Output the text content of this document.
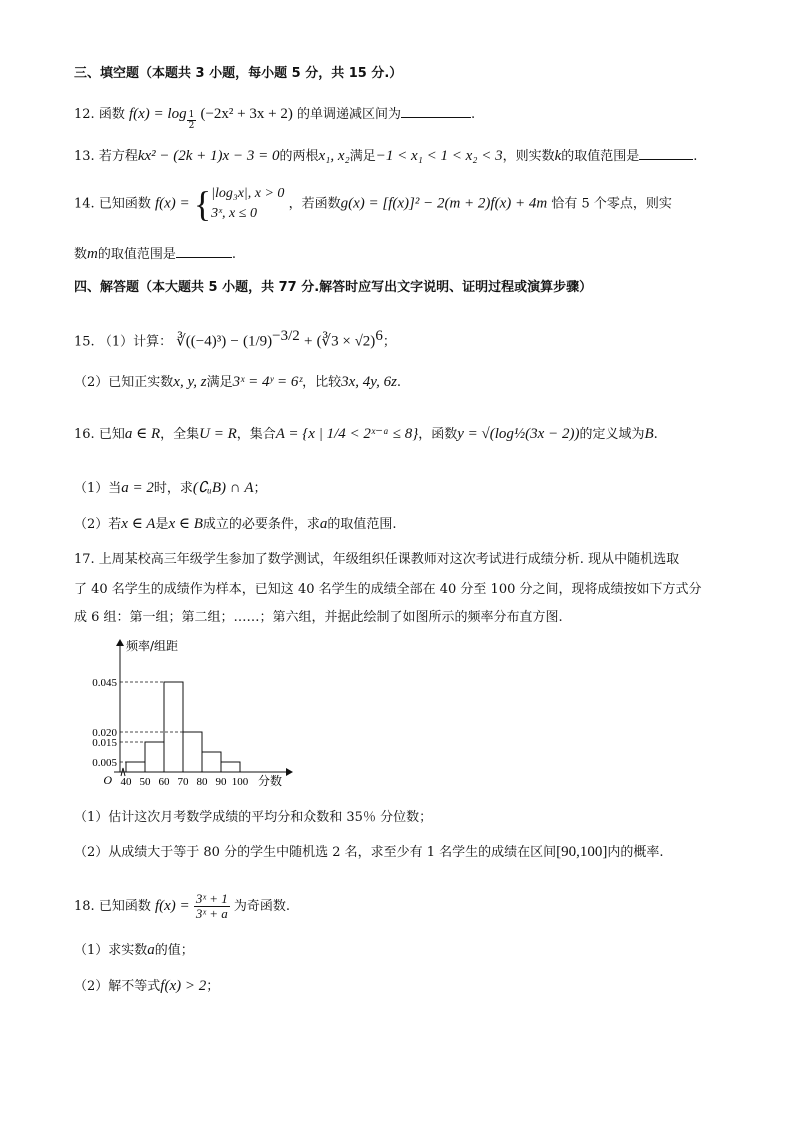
三、填空题（本题共 3 小题，每小题 5 分，共 15 分.）
12. 函数 $f(x) = \log \frac{1}{2} (-2x^2 + 3x + 2)$ 的单调递减区间为	.
13. 若方程kx² − (2k + 1)x − 3 = 0的两根x₁, x₂满足−1 < x₁ < 1 < x₂ < 3，则实数k的取值范围是	.
14. 已知函数 f(x) = { |log₃x|, x > 0
3ˣ, x ≤ 0
，若函数g(x) = [f(x)]² − 2(m + 2)f(x) + 4m 恰有 5 个零点，则实
数m的取值范围是	.
四、解答题（本大题共 5 小题，共 77 分.解答时应写出文字说明、证明过程或演算步骤）
15. （1）计算： ∛((−4)³) − $(1/9)^{-3/2}$ + (∛3 × √2)$^6$；
（2）已知正实数x, y, z满足3ˣ = 4ʸ = 6ᶻ，比较3x, 4y, 6z.
16. 已知a ∈ R，全集U = R，集合A = {x | 1/4 < 2ˣ⁻ᵃ ≤ 8}，函数y = √(log½(3x − 2))的定义域为B.
（1）当a = 2时，求(∁ᵤB) ∩ A；
（2）若x ∈ A是x ∈ B成立的必要条件，求a的取值范围.
17. 上周某校高三年级学生参加了数学测试，年级组织任课教师对这次考试进行成绩分析. 现从中随机选取
了 40 名学生的成绩作为样本，已知这 40 名学生的成绩全部在 40 分至 100 分之间，现将成绩按如下方式分
成 6 组：第一组；第二组；……；第六组，并据此绘制了如图所示的频率分布直方图.
0.045
0.020
0.015
0.005
40 50 60 70 80 90 100
O
频率/组距
分数
（1）估计这次月考数学成绩的平均分和众数和 35％ 分位数；
（2）从成绩大于等于 80 分的学生中随机选 2 名，求至少有 1 名学生的成绩在区间[90,100]内的概率.
18. 已知函数 $f(x) = \frac{\text{3ˣ + 1}}{\text{3ˣ + a}}$ 为奇函数.
（1）求实数a的值；
（2）解不等式f(x) > 2；
